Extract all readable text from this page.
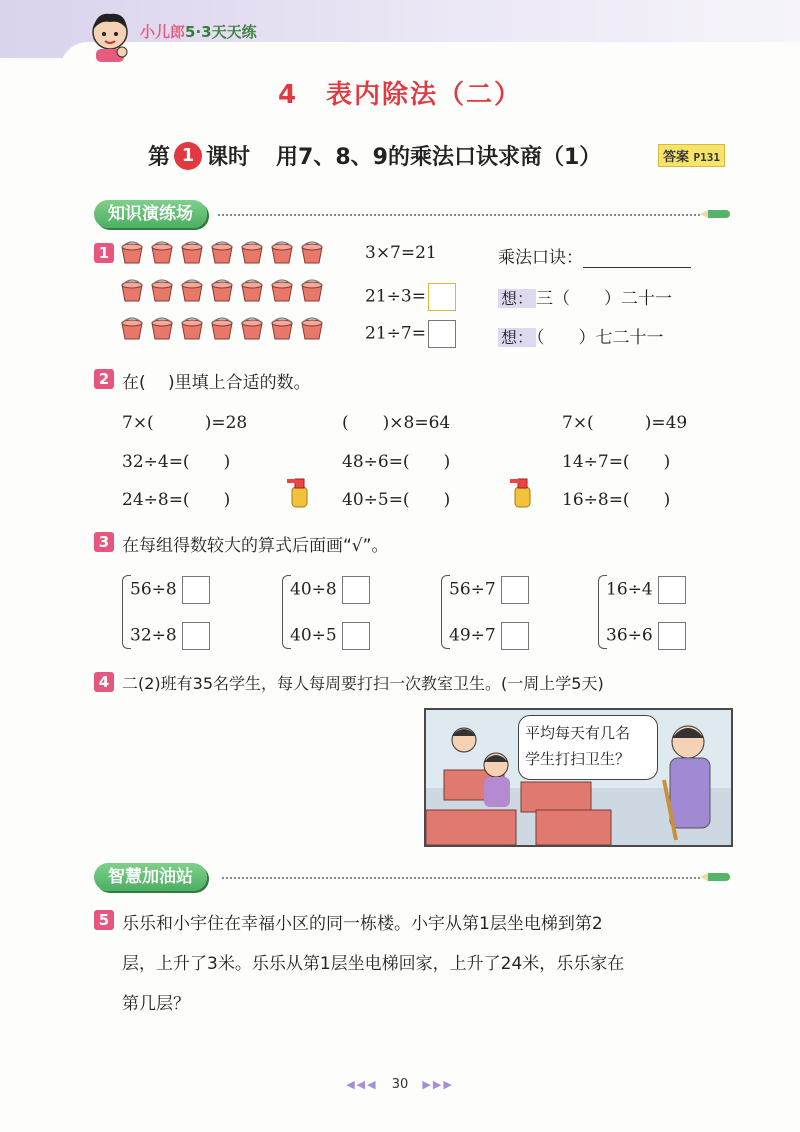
小儿郎5·3天天练
4　表内除法（二）
第 1 课时 用7、8、9的乘法口诀求商（1）	答案 P131
知识演练场
1	3×7=21
21÷3=
21÷7=
乘法口诀：
想： 三（　　）二十一
想： （　　）七二十一
2 在(　 )里填上合适的数。
7×(　　　)=28	(　　)×8=64	7×(　　　)=49
32÷4=(　　)	48÷6=(　　)	14÷7=(　　)
24÷8=(　　)	40÷5=(　　)	16÷8=(　　)
3 在每组得数较大的算式后面画“√”。
56÷8
32÷8
40÷8
40÷5
56÷7
49÷7
16÷4
36÷6
4 二(2)班有35名学生，每人每周要打扫一次教室卫生。(一周上学5天)
平均每天有几名
学生打扫卫生？
智慧加油站
5 乐乐和小宇住在幸福小区的同一栋楼。小宇从第1层坐电梯到第2
层，上升了3米。乐乐从第1层坐电梯回家，上升了24米，乐乐家在
第几层？
◀◀◀ 30 ▶▶▶
